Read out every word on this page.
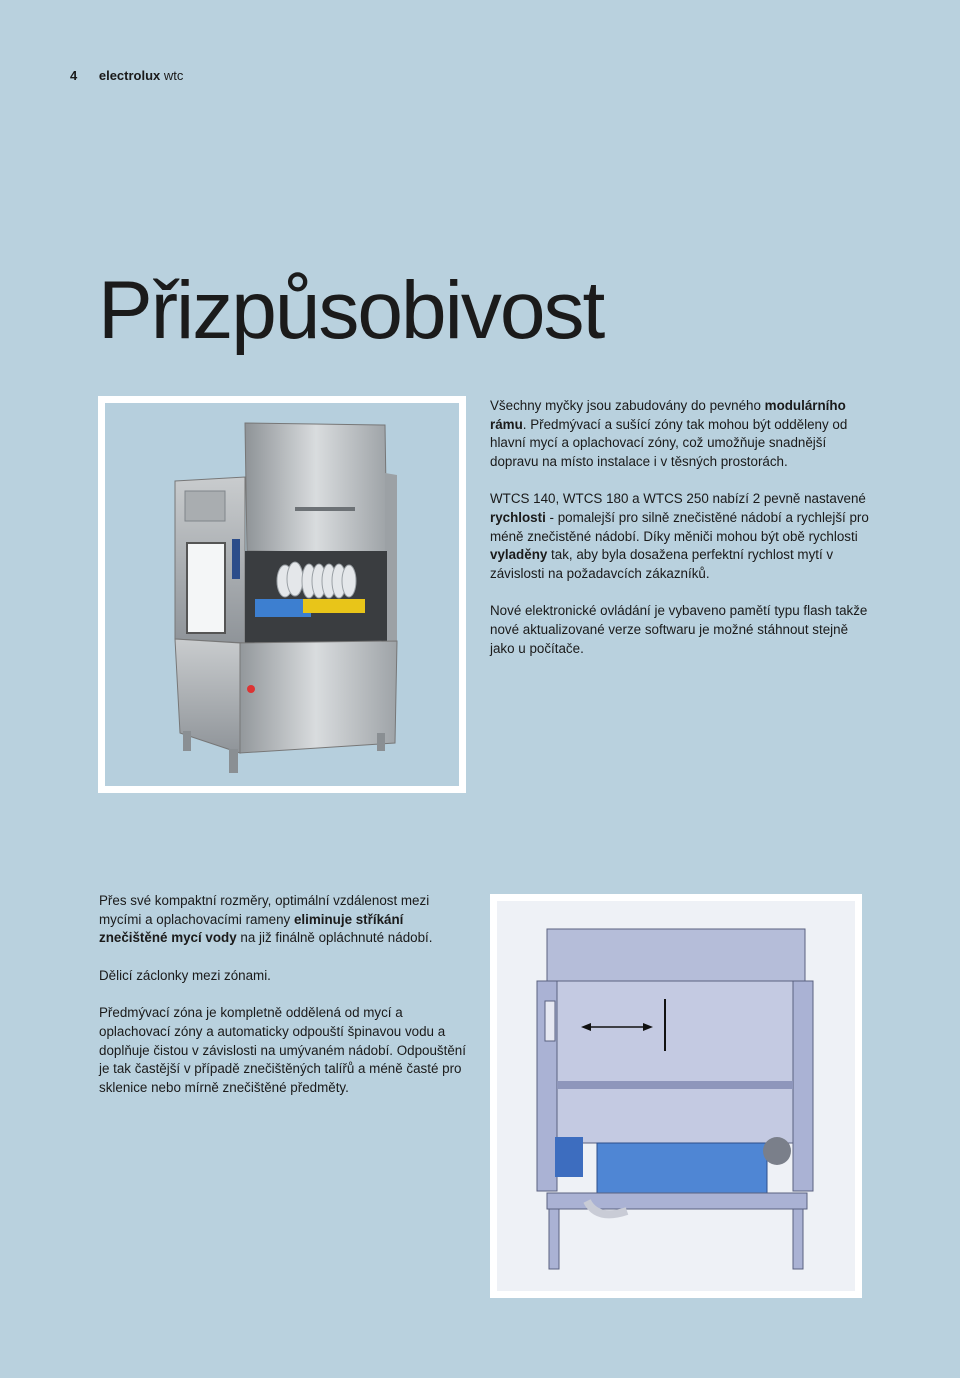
4 electrolux wtc
Přizpůsobivost

Všechny myčky jsou zabudovány do pevného modulárního rámu. Předmývací a sušící zóny tak mohou být odděleny od hlavní mycí a oplachovací zóny, což umožňuje snadnější dopravu na místo instalace i v těsných prostorách.

WTCS 140, WTCS 180 a WTCS 250 nabízí 2 pevně nastavené rychlosti - pomalejší pro silně znečistěné nádobí a rychlejší pro méně znečistěné nádobí. Díky měniči mohou být obě rychlosti vyladěny tak, aby byla dosažena perfektní rychlost mytí v závislosti na požadavcích zákazníků.

Nové elektronické ovládání je vybaveno pamětí typu flash takže nové aktualizované verze softwaru je možné stáhnout stejně jako u počítače.

Přes své kompaktní rozměry, optimální vzdálenost mezi mycími a oplachovacími rameny eliminuje stříkání znečištěné mycí vody na již finálně opláchnuté nádobí.

Dělicí záclonky mezi zónami.

Předmývací zóna je kompletně oddělená od mycí a oplachovací zóny a automaticky odpouští špinavou vodu a doplňuje čistou v závislosti na umývaném nádobí. Odpouštění je tak častější v případě znečištěných talířů a méně časté pro sklenice nebo mírně znečištěné předměty.
